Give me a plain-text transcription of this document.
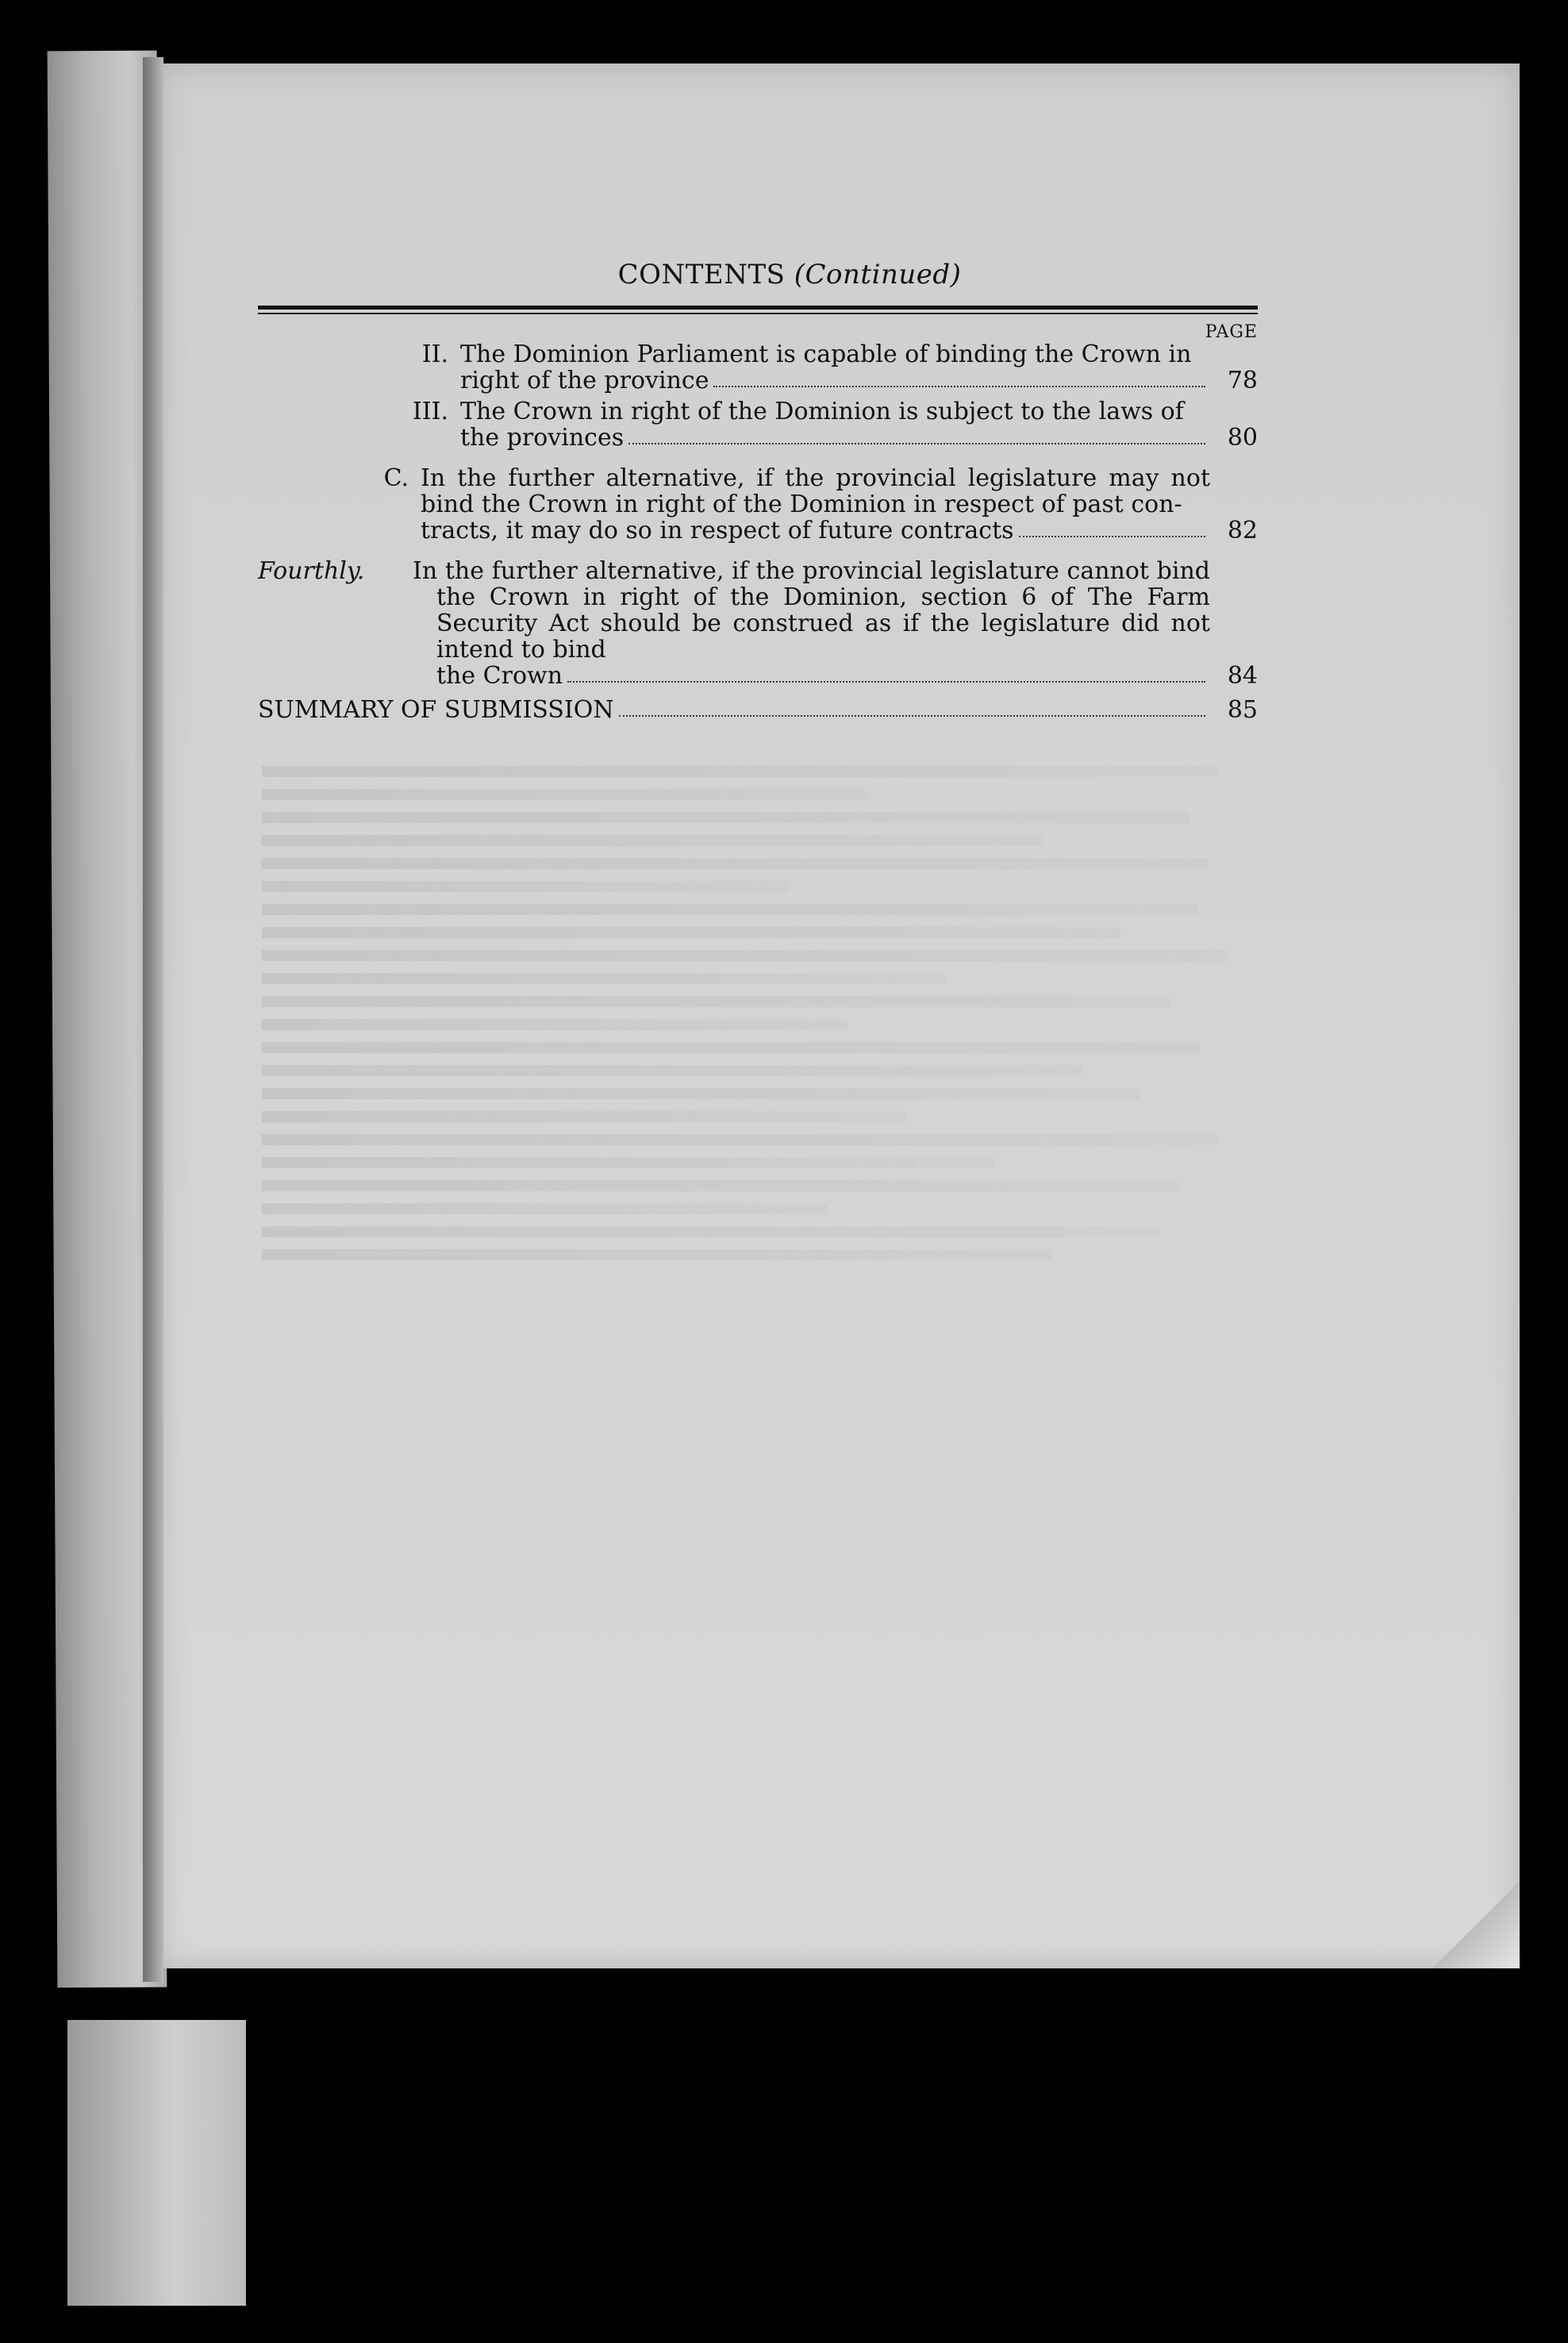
CONTENTS (Continued)
PAGE
II. The Dominion Parliament is capable of binding the Crown in
right of the province	78
III. The Crown in right of the Dominion is subject to the laws of
the provinces	80
C. In the further alternative, if the provincial legislature may not bind the Crown in right of the Dominion in respect of past con-
tracts, it may do so in respect of future contracts	82
Fourthly.	In the further alternative, if the provincial legislature cannot bind the Crown in right of the Dominion, section 6 of The Farm Security Act should be construed as if the legislature did not intend to bind
the Crown	84
SUMMARY OF SUBMISSION	85
